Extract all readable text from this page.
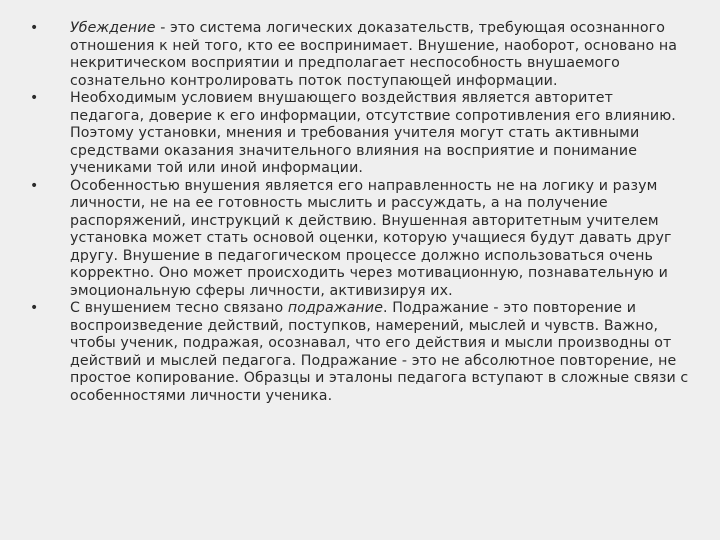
•	Убеждение - это система логических доказательств, требующая осознанного отношения к ней того, кто ее воспринимает. Внушение, наоборот, основано на некритическом восприятии и предполагает неспособность внушаемого сознательно контролировать поток поступающей информации.
•	Необходимым условием внушающего воздействия является авторитет педагога, доверие к его информации, отсутствие сопротивления его влиянию. Поэтому установки, мнения и требования учителя могут стать активными средствами оказания значительного влияния на восприятие и понимание учениками той или иной информации.
•	Особенностью внушения является его направленность не на логику и разум личности, не на ее готовность мыслить и рассуждать, а на получение распоряжений, инструкций к действию. Внушенная авторитетным учителем установка может стать основой оценки, которую учащиеся будут давать друг другу. Внушение в педагогическом процессе должно использоваться очень корректно. Оно может происходить через мотивационную, познавательную и эмоциональную сферы личности, активизируя их.
•	С внушением тесно связано подражание. Подражание - это повторение и воспроизведение действий, поступков, намерений, мыслей и чувств. Важно, чтобы ученик, подражая, осознавал, что его действия и мысли производны от действий и мыслей педагога. Подражание - это не абсолютное повторение, не простое копирование. Образцы и эталоны педагога вступают в сложные связи с особенностями личности ученика.
